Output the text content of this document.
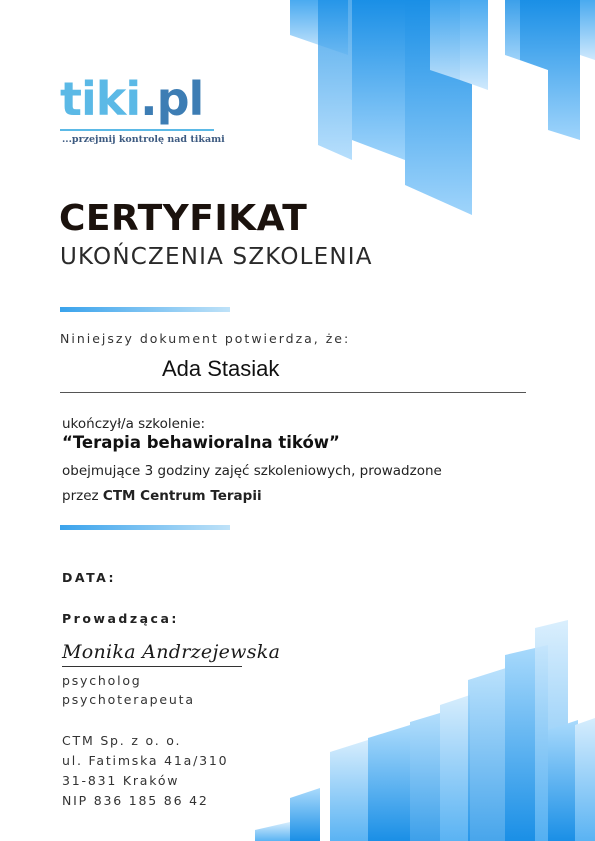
tiki.pl
...przejmij kontrolę nad tikami
CERTYFIKAT
UKOŃCZENIA SZKOLENIA
Niniejszy dokument potwierdza, że:
Ada Stasiak
ukończył/a szkolenie:
“Terapia behawioralna tików”
obejmujące 3 godziny zajęć szkoleniowych, prowadzone
przez CTM Centrum Terapii
DATA:
Prowadząca:
Monika Andrzejewska
psycholog
psychoterapeuta
CTM Sp. z o. o.
ul. Fatimska 41a/310
31-831 Kraków
NIP 836 185 86 42
